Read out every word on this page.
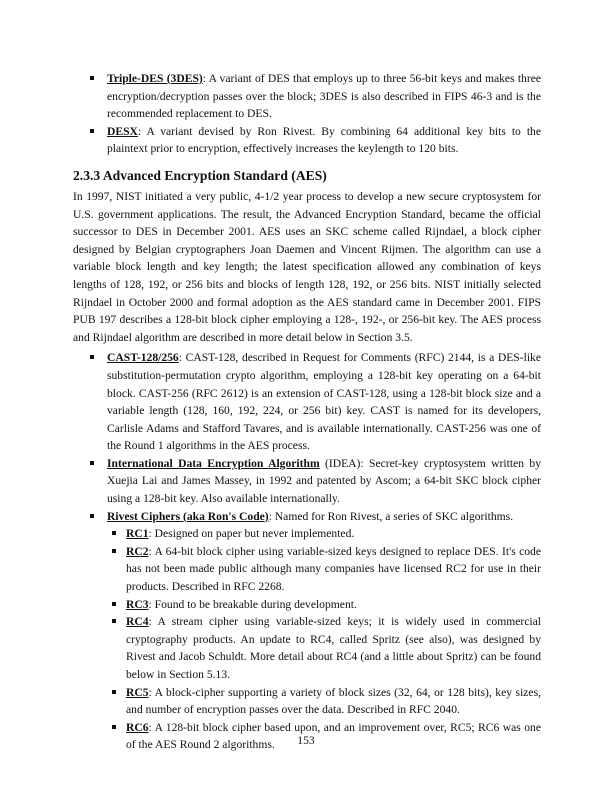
Triple-DES (3DES): A variant of DES that employs up to three 56-bit keys and makes three encryption/decryption passes over the block; 3DES is also described in FIPS 46-3 and is the recommended replacement to DES.
DESX: A variant devised by Ron Rivest. By combining 64 additional key bits to the plaintext prior to encryption, effectively increases the keylength to 120 bits.
2.3.3 Advanced Encryption Standard (AES)

In 1997, NIST initiated a very public, 4-1/2 year process to develop a new secure cryptosystem for U.S. government applications. The result, the Advanced Encryption Standard, became the official successor to DES in December 2001. AES uses an SKC scheme called Rijndael, a block cipher designed by Belgian cryptographers Joan Daemen and Vincent Rijmen. The algorithm can use a variable block length and key length; the latest specification allowed any combination of keys lengths of 128, 192, or 256 bits and blocks of length 128, 192, or 256 bits. NIST initially selected Rijndael in October 2000 and formal adoption as the AES standard came in December 2001. FIPS PUB 197 describes a 128-bit block cipher employing a 128-, 192-, or 256-bit key. The AES process and Rijndael algorithm are described in more detail below in Section 3.5.

CAST-128/256: CAST-128, described in Request for Comments (RFC) 2144, is a DES-like substitution-permutation crypto algorithm, employing a 128-bit key operating on a 64-bit block. CAST-256 (RFC 2612) is an extension of CAST-128, using a 128-bit block size and a variable length (128, 160, 192, 224, or 256 bit) key. CAST is named for its developers, Carlisle Adams and Stafford Tavares, and is available internationally. CAST-256 was one of the Round 1 algorithms in the AES process.
International Data Encryption Algorithm (IDEA): Secret-key cryptosystem written by Xuejia Lai and James Massey, in 1992 and patented by Ascom; a 64-bit SKC block cipher using a 128-bit key. Also available internationally.
Rivest Ciphers (aka Ron's Code): Named for Ron Rivest, a series of SKC algorithms.
RC1: Designed on paper but never implemented.
RC2: A 64-bit block cipher using variable-sized keys designed to replace DES. It's code has not been made public although many companies have licensed RC2 for use in their products. Described in RFC 2268.
RC3: Found to be breakable during development.
RC4: A stream cipher using variable-sized keys; it is widely used in commercial cryptography products. An update to RC4, called Spritz (see also), was designed by Rivest and Jacob Schuldt. More detail about RC4 (and a little about Spritz) can be found below in Section 5.13.
RC5: A block-cipher supporting a variety of block sizes (32, 64, or 128 bits), key sizes, and number of encryption passes over the data. Described in RFC 2040.
RC6: A 128-bit block cipher based upon, and an improvement over, RC5; RC6 was one of the AES Round 2 algorithms.	153
